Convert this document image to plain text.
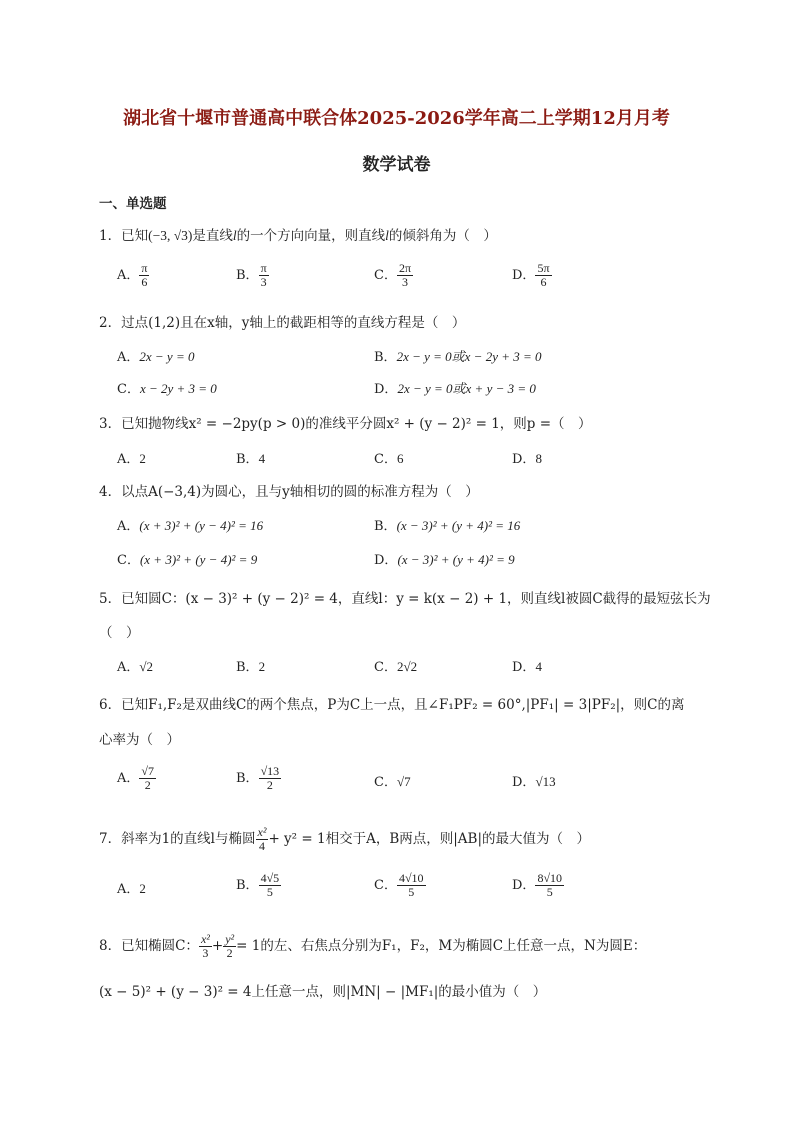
湖北省十堰市普通高中联合体2025-2026学年高二上学期12月月考
数学试卷
一、单选题
1．已知(−3, √3)是直线l的一个方向向量，则直线l的倾斜角为（　）
A． $\frac{\pi}{6}$	B． $\frac{\pi}{3}$	C． $\frac{2\pi}{3}$	D． $\frac{5\pi}{6}$
2．过点(1,2)且在x轴，y轴上的截距相等的直线方程是（　）
A．2x − y = 0	B．2x − y = 0或x − 2y + 3 = 0
C．x − 2y + 3 = 0	D．2x − y = 0或x + y − 3 = 0
3．已知抛物线x² = −2py(p > 0)的准线平分圆x² + (y − 2)² = 1，则p =（　）
A．2	B．4	C．6	D．8
4．以点A(−3,4)为圆心，且与y轴相切的圆的标准方程为（　）
A．(x + 3)² + (y − 4)² = 16	B．(x − 3)² + (y + 4)² = 16
C．(x + 3)² + (y − 4)² = 9	D．(x − 3)² + (y + 4)² = 9
5．已知圆C：(x − 3)² + (y − 2)² = 4，直线l：y = k(x − 2) + 1，则直线l被圆C截得的最短弦长为
（　）
A．√2	B．2	C．2√2	D．4
6．已知F₁,F₂是双曲线C的两个焦点，P为C上一点，且∠F₁PF₂ = 60°,|PF₁| = 3|PF₂|，则C的离
心率为（　）
A． $\frac{√7}{2}$	B． $\frac{√13}{2}$	C．√7	D．√13
7．斜率为1的直线l与椭圆 $\frac{\text{x²}}{4} + y^2 = 1$相交于A，B两点，则|AB|的最大值为（　）
A．2	B． $\frac{4√5}{5}$	C． $\frac{4√10}{5}$	D． $\frac{8√10}{5}$
8．已知椭圆C： $\frac{\text{x²}}{3} + \frac{\text{y²}}{2} = 1$的左、右焦点分别为F₁，F₂，M为椭圆C上任意一点，N为圆E：
(x − 5)² + (y − 3)² = 4上任意一点，则|MN| − |MF₁|的最小值为（　）
